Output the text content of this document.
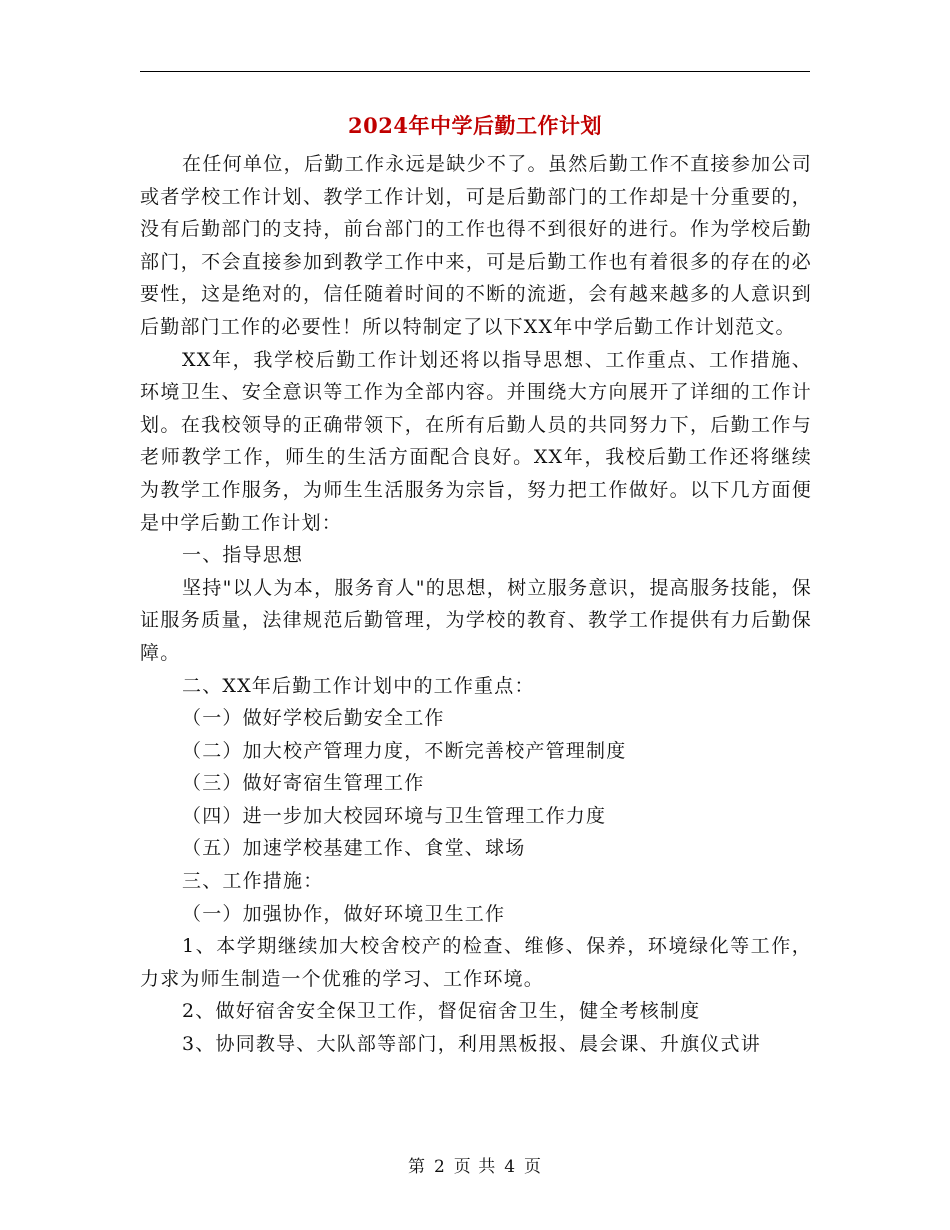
2024年中学后勤工作计划

在任何单位，后勤工作永远是缺少不了。虽然后勤工作不直接参加公司或者学校工作计划、教学工作计划，可是后勤部门的工作却是十分重要的，没有后勤部门的支持，前台部门的工作也得不到很好的进行。作为学校后勤部门，不会直接参加到教学工作中来，可是后勤工作也有着很多的存在的必要性，这是绝对的，信任随着时间的不断的流逝，会有越来越多的人意识到后勤部门工作的必要性！所以特制定了以下XX年中学后勤工作计划范文。

XX年，我学校后勤工作计划还将以指导思想、工作重点、工作措施、环境卫生、安全意识等工作为全部内容。并围绕大方向展开了详细的工作计划。在我校领导的正确带领下，在所有后勤人员的共同努力下，后勤工作与老师教学工作，师生的生活方面配合良好。XX年，我校后勤工作还将继续为教学工作服务，为师生生活服务为宗旨，努力把工作做好。以下几方面便是中学后勤工作计划：

一、指导思想

坚持"以人为本，服务育人"的思想，树立服务意识，提高服务技能，保证服务质量，法律规范后勤管理，为学校的教育、教学工作提供有力后勤保障。

二、XX年后勤工作计划中的工作重点：

（一）做好学校后勤安全工作

（二）加大校产管理力度，不断完善校产管理制度

（三）做好寄宿生管理工作

（四）进一步加大校园环境与卫生管理工作力度

（五）加速学校基建工作、食堂、球场

三、工作措施：

（一）加强协作，做好环境卫生工作

1、本学期继续加大校舍校产的检查、维修、保养，环境绿化等工作，力求为师生制造一个优雅的学习、工作环境。

2、做好宿舍安全保卫工作，督促宿舍卫生，健全考核制度

3、协同教导、大队部等部门，利用黑板报、晨会课、升旗仪式讲

第 2 页 共 4 页
